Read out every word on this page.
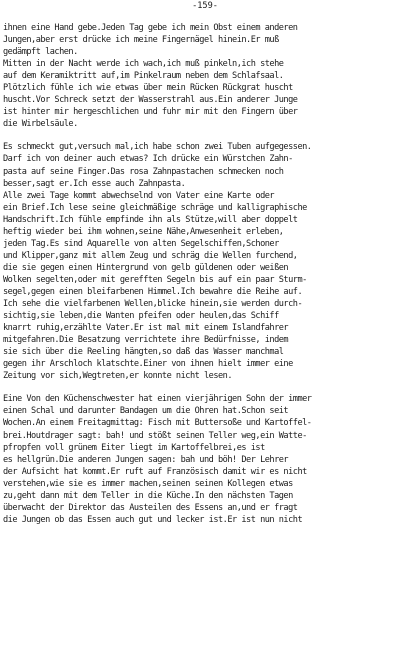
-159-
ihnen eine Hand gebe.Jeden Tag gebe ich mein Obst einem anderen
Jungen,aber erst drücke ich meine Fingernägel hinein.Er muß
gedämpft lachen.
Mitten in der Nacht werde ich wach,ich muß pinkeln,ich stehe
auf dem Keramiktritt auf,im Pinkelraum neben dem Schlafsaal.
Plötzlich fühle ich wie etwas über mein Rücken Rückgrat huscht
huscht.Vor Schreck setzt der Wasserstrahl aus.Ein anderer Junge
ist hinter mir hergeschlichen und fuhr mir mit den Fingern über
die Wirbelsäule.
Es schmeckt gut,versuch mal,ich habe schon zwei Tuben aufgegessen.
Darf ich von deiner auch etwas? Ich drücke ein Würstchen Zahn-
pasta auf seine Finger.Das rosa Zahnpastachen schmecken noch
besser,sagt er.Ich esse auch Zahnpasta.
Alle zwei Tage kommt abwechselnd von Vater eine Karte oder
ein Brief.Ich lese seine gleichmäßige schräge und kalligraphische
Handschrift.Ich fühle empfinde ihn als Stütze,will aber doppelt
heftig wieder bei ihm wohnen,seine Nähe,Anwesenheit erleben,
jeden Tag.Es sind Aquarelle von alten Segelschiffen,Schoner
und Klipper,ganz mit allem Zeug und schräg die Wellen furchend,
die sie gegen einen Hintergrund von gelb güldenen oder weißen
Wolken segelten,oder mit gerefften Segeln bis auf ein paar Sturm-
segel,gegen einen bleifarbenen Himmel.Ich bewahre die Reihe auf.
Ich sehe die vielfarbenen Wellen,blicke hinein,sie werden durch-
sichtig,sie leben,die Wanten pfeifen oder heulen,das Schiff
knarrt ruhig,erzählte Vater.Er ist mal mit einem Islandfahrer
mitgefahren.Die Besatzung verrichtete ihre Bedürfnisse, indem
sie sich über die Reeling hängten,so daß das Wasser manchmal
gegen ihr Arschloch klatschte.Einer von ihnen hielt immer eine
Zeitung vor sich,Wegtreten,er konnte nicht lesen.
Eine Von den Küchenschwester hat einen vierjährigen Sohn der immer
einen Schal und darunter Bandagen um die Ohren hat.Schon seit
Wochen.An einem Freitagmittag: Fisch mit Buttersoße und Kartoffel-
brei.Houtdrager sagt: bah! und stößt seinen Teller weg,ein Watte-
pfropfen voll grünem Eiter liegt im Kartoffelbrei,es ist
es hellgrün.Die anderen Jungen sagen: bah und böh! Der Lehrer
der Aufsicht hat kommt.Er ruft auf Französisch damit wir es nicht
verstehen,wie sie es immer machen,seinen seinen Kollegen etwas
zu,geht dann mit dem Teller in die Küche.In den nächsten Tagen
überwacht der Direktor das Austeilen des Essens an,und er fragt
die Jungen ob das Essen auch gut und lecker ist.Er ist nun nicht
